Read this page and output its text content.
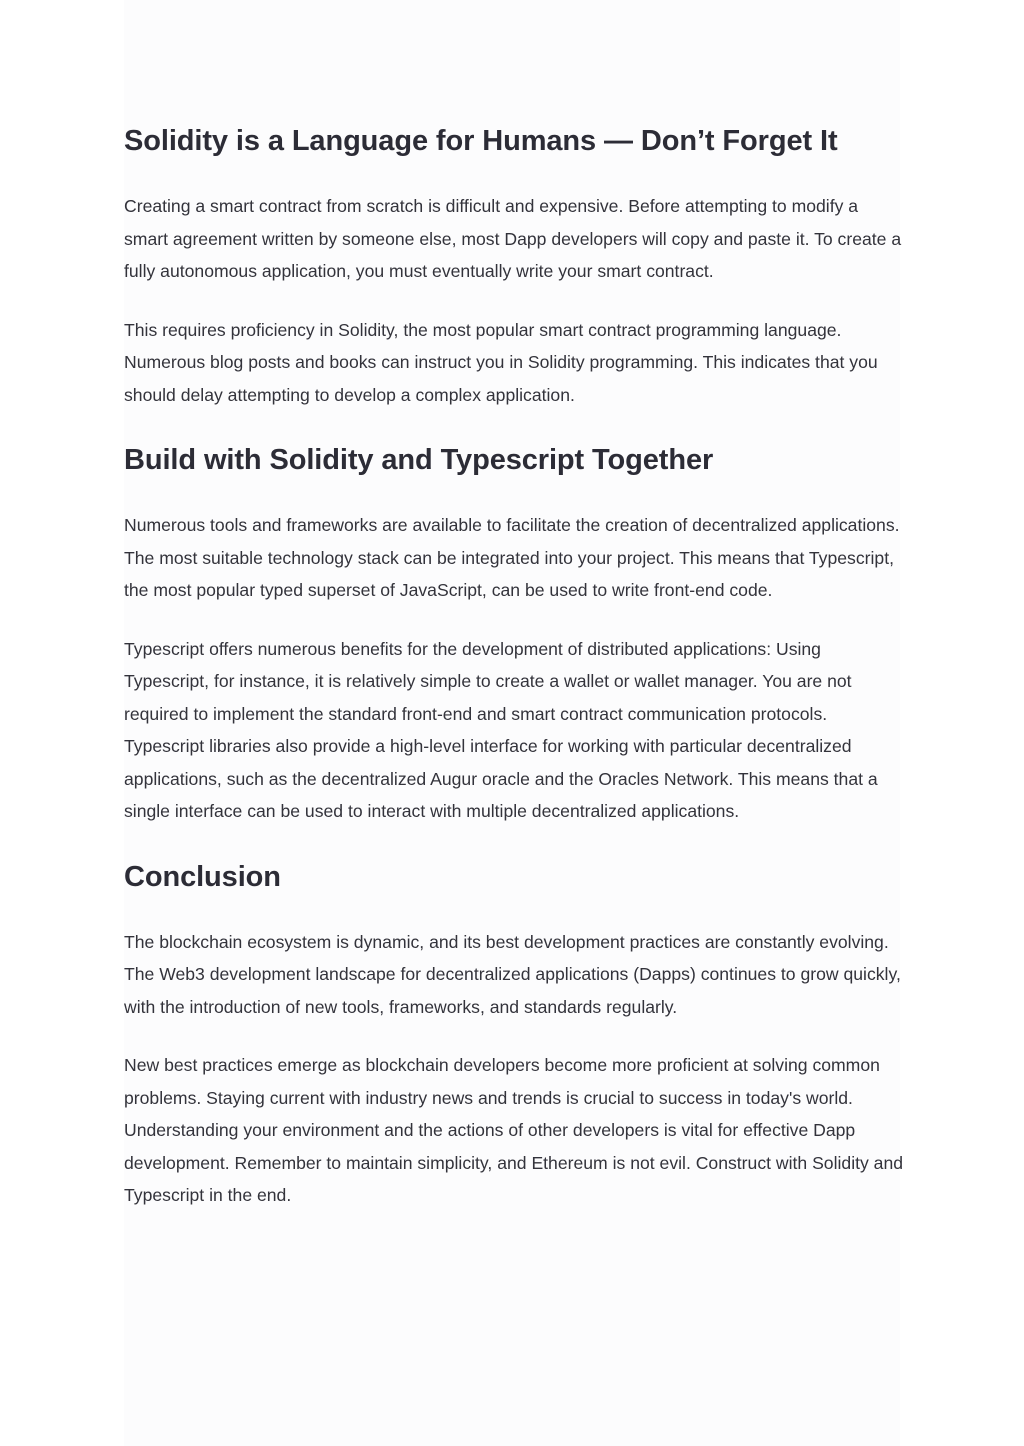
Solidity is a Language for Humans — Don’t Forget It

Creating a smart contract from scratch is difficult and expensive. Before attempting to modify a smart agreement written by someone else, most Dapp developers will copy and paste it. To create a fully autonomous application, you must eventually write your smart contract.

This requires proficiency in Solidity, the most popular smart contract programming language. Numerous blog posts and books can instruct you in Solidity programming. This indicates that you should delay attempting to develop a complex application.

Build with Solidity and Typescript Together

Numerous tools and frameworks are available to facilitate the creation of decentralized applications. The most suitable technology stack can be integrated into your project. This means that Typescript, the most popular typed superset of JavaScript, can be used to write front-end code.

Typescript offers numerous benefits for the development of distributed applications: Using Typescript, for instance, it is relatively simple to create a wallet or wallet manager. You are not required to implement the standard front-end and smart contract communication protocols. Typescript libraries also provide a high-level interface for working with particular decentralized applications, such as the decentralized Augur oracle and the Oracles Network. This means that a single interface can be used to interact with multiple decentralized applications.

Conclusion

The blockchain ecosystem is dynamic, and its best development practices are constantly evolving. The Web3 development landscape for decentralized applications (Dapps) continues to grow quickly, with the introduction of new tools, frameworks, and standards regularly.

New best practices emerge as blockchain developers become more proficient at solving common problems. Staying current with industry news and trends is crucial to success in today's world. Understanding your environment and the actions of other developers is vital for effective Dapp development. Remember to maintain simplicity, and Ethereum is not evil. Construct with Solidity and Typescript in the end.
